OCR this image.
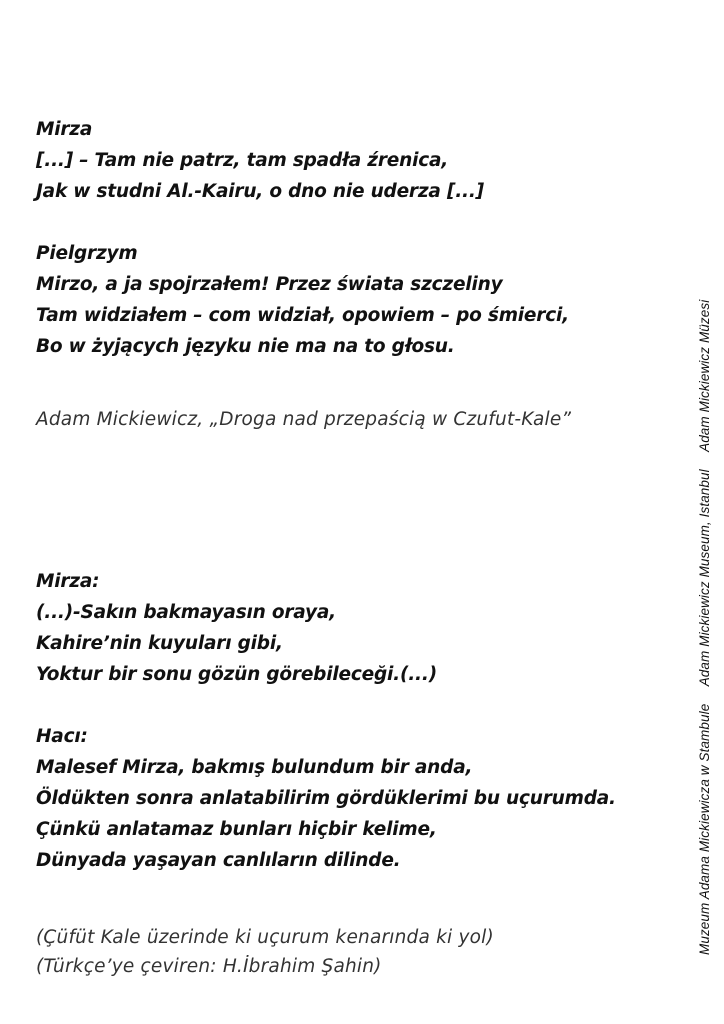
Mirza
[...] – Tam nie patrz, tam spadła źrenica,
Jak w studni Al.-Kairu, o dno nie uderza [...]
Pielgrzym
Mirzo, a ja spojrzałem! Przez świata szczeliny
Tam widziałem – com widział, opowiem – po śmierci,
Bo w żyjących języku nie ma na to głosu.
Adam Mickiewicz, „Droga nad przepaścią w Czufut-Kale”
Mirza:
(...)-Sakın bakmayasın oraya,
Kahire’nin kuyuları gibi,
Yoktur bir sonu gözün görebileceği.(...)
Hacı:
Malesef Mirza, bakmış bulundum bir anda,
Öldükten sonra anlatabilirim gördüklerimi bu uçurumda.
Çünkü anlatamaz bunları hiçbir kelime,
Dünyada yaşayan canlıların dilinde.
(Çüfüt Kale üzerinde ki uçurum kenarında ki yol)
(Türkçe’ye çeviren: H.İbrahim Şahin)
Muzeum Adama Mickiewicza w Stambule Adam Mickiewicz Museum, Istanbul Adam Mickiewicz Müzesi
